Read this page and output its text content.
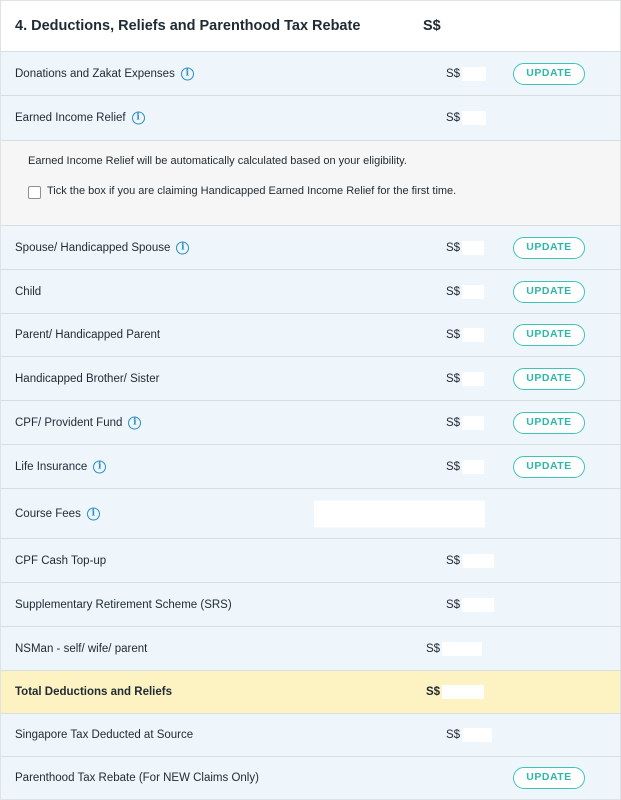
4. Deductions, Reliefs and Parenthood Tax Rebate	S$
Donations and Zakat Expenses i	S$	UPDATE
Earned Income Relief i	S$
Earned Income Relief will be automatically calculated based on your eligibility.
Tick the box if you are claiming Handicapped Earned Income Relief for the first time.
Spouse/ Handicapped Spouse i	S$	UPDATE
Child	S$	UPDATE
Parent/ Handicapped Parent	S$	UPDATE
Handicapped Brother/ Sister	S$	UPDATE
CPF/ Provident Fund i	S$	UPDATE
Life Insurance i	S$	UPDATE
Course Fees i
CPF Cash Top-up	S$
Supplementary Retirement Scheme (SRS)	S$
NSMan - self/ wife/ parent	S$
Total Deductions and Reliefs	S$
Singapore Tax Deducted at Source	S$
Parenthood Tax Rebate (For NEW Claims Only)	UPDATE
